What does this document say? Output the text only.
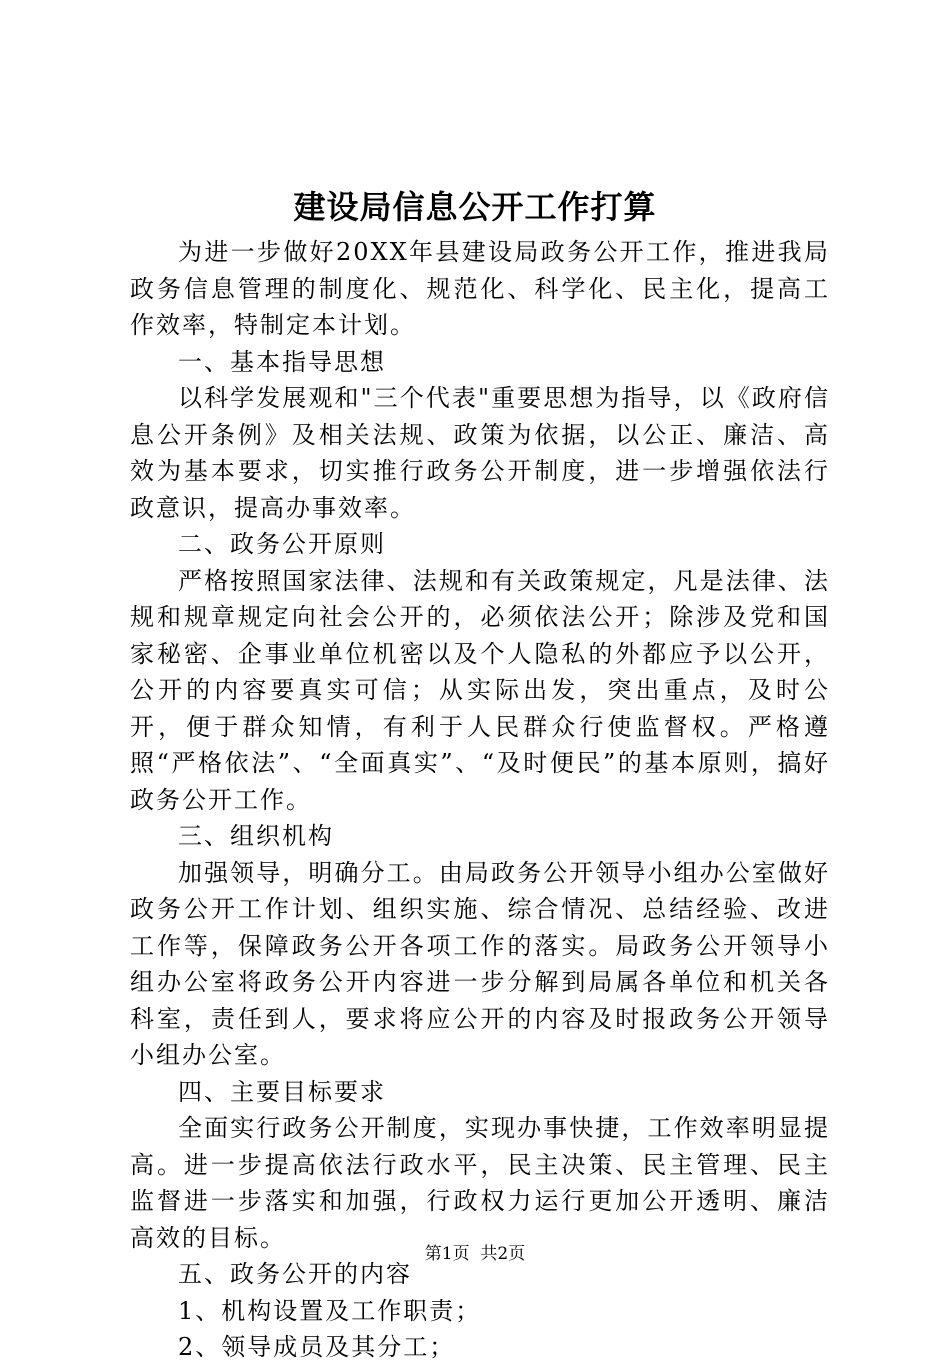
建设局信息公开工作打算

为进一步做好20XX年县建设局政务公开工作，推进我局政务信息管理的制度化、规范化、科学化、民主化，提高工作效率，特制定本计划。

一、基本指导思想

以科学发展观和"三个代表"重要思想为指导，以《政府信息公开条例》及相关法规、政策为依据，以公正、廉洁、高效为基本要求，切实推行政务公开制度，进一步增强依法行政意识，提高办事效率。

二、政务公开原则

严格按照国家法律、法规和有关政策规定，凡是法律、法规和规章规定向社会公开的，必须依法公开；除涉及党和国家秘密、企事业单位机密以及个人隐私的外都应予以公开，公开的内容要真实可信；从实际出发，突出重点，及时公开，便于群众知情，有利于人民群众行使监督权。严格遵照“严格依法”、“全面真实”、“及时便民”的基本原则，搞好政务公开工作。

三、组织机构

加强领导，明确分工。由局政务公开领导小组办公室做好政务公开工作计划、组织实施、综合情况、总结经验、改进工作等，保障政务公开各项工作的落实。局政务公开领导小组办公室将政务公开内容进一步分解到局属各单位和机关各科室，责任到人，要求将应公开的内容及时报政务公开领导小组办公室。

四、主要目标要求

全面实行政务公开制度，实现办事快捷，工作效率明显提高。进一步提高依法行政水平，民主决策、民主管理、民主监督进一步落实和加强，行政权力运行更加公开透明、廉洁高效的目标。

五、政务公开的内容

1、机构设置及工作职责；

2、领导成员及其分工；

第1页 共2页
